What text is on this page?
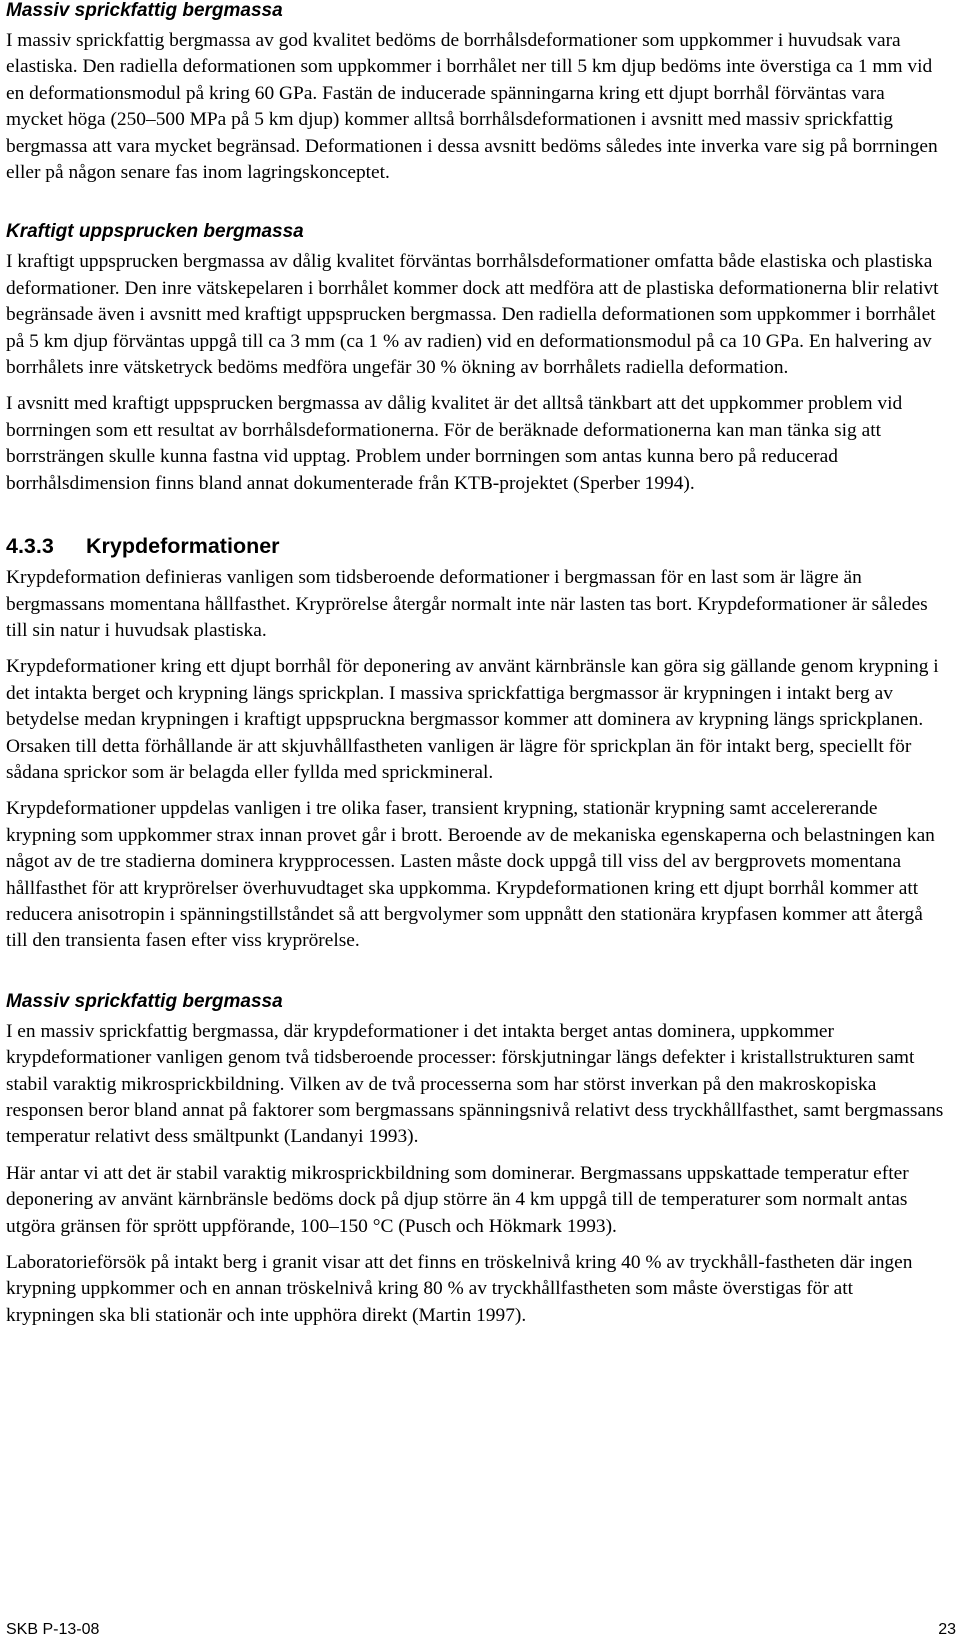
Massiv sprickfattig bergmassa

I massiv sprickfattig bergmassa av god kvalitet bedöms de borrhålsdeformationer som uppkommer i huvudsak vara elastiska. Den radiella deformationen som uppkommer i borrhålet ner till 5 km djup bedöms inte överstiga ca 1 mm vid en deformationsmodul på kring 60 GPa. Fastän de inducerade spänningarna kring ett djupt borrhål förväntas vara mycket höga (250–500 MPa på 5 km djup) kommer alltså borrhålsdeformationen i avsnitt med massiv sprickfattig bergmassa att vara mycket begränsad. Deformationen i dessa avsnitt bedöms således inte inverka vare sig på borrningen eller på någon senare fas inom lagringskonceptet.

Kraftigt uppsprucken bergmassa

I kraftigt uppsprucken bergmassa av dålig kvalitet förväntas borrhålsdeformationer omfatta både elastiska och plastiska deformationer. Den inre vätskepelaren i borrhålet kommer dock att medföra att de plastiska deformationerna blir relativt begränsade även i avsnitt med kraftigt uppsprucken bergmassa. Den radiella deformationen som uppkommer i borrhålet på 5 km djup förväntas uppgå till ca 3 mm (ca 1 % av radien) vid en deformationsmodul på ca 10 GPa. En halvering av borrhålets inre vätsketryck bedöms medföra ungefär 30 % ökning av borrhålets radiella deformation.

I avsnitt med kraftigt uppsprucken bergmassa av dålig kvalitet är det alltså tänkbart att det uppkommer problem vid borrningen som ett resultat av borrhålsdeformationerna. För de beräknade deformationerna kan man tänka sig att borrsträngen skulle kunna fastna vid upptag. Problem under borrningen som antas kunna bero på reducerad borrhålsdimension finns bland annat dokumenterade från KTB-projektet (Sperber 1994).

4.3.3	Krypdeformationer

Krypdeformation definieras vanligen som tidsberoende deformationer i bergmassan för en last som är lägre än bergmassans momentana hållfasthet. Kryprörelse återgår normalt inte när lasten tas bort. Krypdeformationer är således till sin natur i huvudsak plastiska.

Krypdeformationer kring ett djupt borrhål för deponering av använt kärnbränsle kan göra sig gällande genom krypning i det intakta berget och krypning längs sprickplan. I massiva sprickfattiga bergmassor är krypningen i intakt berg av betydelse medan krypningen i kraftigt uppsprucknа bergmassor kommer att dominera av krypning längs sprickplanen. Orsaken till detta förhållande är att skjuvhållfastheten vanligen är lägre för sprickplan än för intakt berg, speciellt för sådana sprickor som är belagda eller fyllda med sprickmineral.

Krypdeformationer uppdelas vanligen i tre olika faser, transient krypning, stationär krypning samt accelererande krypning som uppkommer strax innan provet går i brott. Beroende av de mekaniska egenskaperna och belastningen kan något av de tre stadierna dominera krypprocessen. Lasten måste dock uppgå till viss del av bergprovets momentana hållfasthet för att kryprörelser överhuvudtaget ska uppkomma. Krypdeformationen kring ett djupt borrhål kommer att reducera anisotropin i spänningstillståndet så att bergvolymer som uppnått den stationära krypfasen kommer att återgå till den transienta fasen efter viss kryprörelse.

Massiv sprickfattig bergmassa

I en massiv sprickfattig bergmassa, där krypdeformationer i det intakta berget antas dominera, uppkommer krypdeformationer vanligen genom två tidsberoende processer: förskjutningar längs defekter i kristallstrukturen samt stabil varaktig mikrosprickbildning. Vilken av de två processerna som har störst inverkan på den makroskopiska responsen beror bland annat på faktorer som bergmassans spänningsnivå relativt dess tryckhållfasthet, samt bergmassans temperatur relativt dess smältpunkt (Landanyi 1993).

Här antar vi att det är stabil varaktig mikrosprickbildning som dominerar. Bergmassans uppskattade temperatur efter deponering av använt kärnbränsle bedöms dock på djup större än 4 km uppgå till de temperaturer som normalt antas utgöra gränsen för sprött uppförande, 100–150 °C (Pusch och Hökmark 1993).

Laboratorieförsök på intakt berg i granit visar att det finns en tröskelnivå kring 40 % av tryckhåll-fastheten där ingen krypning uppkommer och en annan tröskelnivå kring 80 % av tryckhållfastheten som måste överstigas för att krypningen ska bli stationär och inte upphöra direkt (Martin 1997).

SKB P-13-08	23
